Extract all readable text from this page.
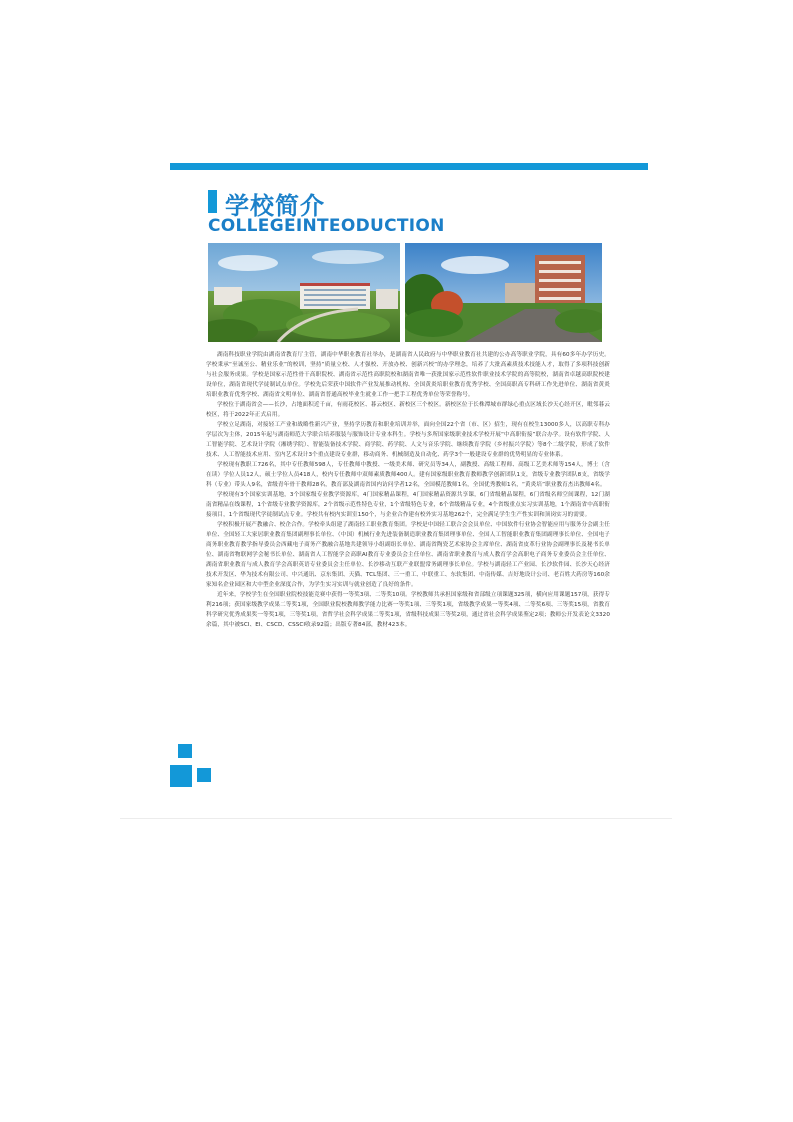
学校简介
COLLEGEINTEODUCTION

湖南科技职业学院由湖南省教育厅主管，湖南中华职业教育社举办，是湖南省人民政府与中华职业教育社共建的公办高等职业学院，具有60多年办学历史。学校秉承“至诚至公、精业乐业”的校训，坚持“质量立校、人才强校、开放办校、创新兴校”的办学理念，培养了大批高素质技术技能人才，取得了多项科技创新与社会服务成果。学校是国家示范性骨干高职院校、湖南省示范性高职院校和湖南省唯一获批国家示范性软件职业技术学院的高等院校，湖南省卓越高职院校建设单位，湖南省现代学徒制试点单位。学校先后荣获中国软件产业发展推动机构、全国黄炎培职业教育优秀学校、全国高职高专科研工作先进单位、湖南省黄炎培职业教育优秀学校、湖南省文明单位、湖南省普通高校毕业生就业工作一把手工程优秀单位等荣誉称号。

学校位于湖南省会——长沙，占地面积近千亩，有雨花校区、暮云校区、新校区三个校区。新校区位于长株潭城市群绿心重点区域长沙天心经开区，毗邻暮云校区，将于2022年正式启用。

学校立足湖南，对接轻工产业和战略性新兴产业，坚持学历教育和职业培训并举，面向全国22个省（市、区）招生，现有在校生13000多人，以高职专科办学层次为主体，2015年起与湖南师范大学联合培养服装与服饰设计专业本科生。学校与多所国家级职业技术学校开展“中高职衔接”联合办学。设有软件学院、人工智能学院、艺术设计学院（湘绣学院）、智能装备技术学院、商学院、药学院、人文与音乐学院、继续教育学院（乡村振兴学院）等8个二级学院，形成了软件技术、人工智能技术应用、室内艺术设计3个重点建设专业群，移动商务、机械制造及自动化、药学3个一般建设专业群的优势明显的专业体系。

学校现有教职工726名，其中专任教师598人，专任教师中教授、一级美术师、研究员等34人，副教授、高级工程师、高级工艺美术师等154人，博士（含在读）学位人员12人，硕士学位人员418人，校内专任教师中双师素质教师400人。建有国家级职业教育教师教学创新团队1支，省级专业教学团队8支，省级学科（专业）带头人9名，省级青年骨干教师28名，教育部及湖南省国内访问学者12名，全国模范教师1名，全国优秀教师1名，“黄炎培”职业教育杰出教师4名。

学校现有3个国家实训基地，3个国家级专业教学资源库，4门国家精品课程，4门国家精品资源共享课，6门省级精品课程，6门省级名师空间课程，12门湖南省精品在线课程，1个省级专业教学资源库，2个省级示范性特色专业，1个省级特色专业，6个省级精品专业，4个省级重点实习实训基地，1个湖南省中高职衔接项目，1个省级现代学徒制试点专业。学校共有校内实训室150个，与企业合作建有校外实习基地262个，完全满足学生生产性实训和顶岗实习的需要。

学校积极开展产教融合、校企合作。学校牵头组建了湖南轻工职业教育集团。学校是中国轻工联合会会员单位、中国软件行业协会智能应用与服务分会副主任单位、全国轻工大家居职业教育集团副理事长单位、（中国）机械行业先进装备制造职业教育集团理事单位、全国人工智能职业教育集团副理事长单位、全国电子商务职业教育教学指导委员会西藏电子商务产教融合基地共建领导小组副组长单位、湖南省陶瓷艺术家协会主席单位、湖南省皮革行业协会副理事长及秘书长单位、湖南省物联网学会秘书长单位、湖南省人工智能学会高职AI教育专业委员会主任单位、湖南省职业教育与成人教育学会高职电子商务专业委员会主任单位、湖南省职业教育与成人教育学会高职英语专业委员会主任单位、长沙移动互联产业联盟常务副理事长单位。学校与湖南轻工产业园、长沙软件园、长沙天心经济技术开发区、华为技术有限公司、中兴通讯、京东集团、天猫、TCL集团、三一重工、中联重工、东软集团、中南传媒、吉好地设计公司、老百姓大药房等160余家知名企业园区和大中型企业深度合作，为学生实习实训与就业创造了良好的条件。

近年来，学校学生在全国职业院校技能竞赛中获得一等奖3项、二等奖10项。学校教师共承担国家级和省部级立项课题325项，横向应用课题157项，获得专利216项；获国家级教学成果二等奖1项，全国职业院校教师教学能力比赛一等奖1项、三等奖1项，省级教学成果一等奖4项、二等奖6项、三等奖15项，省教育科学研究优秀成果奖一等奖1项，三等奖1项，省哲学社会科学成果二等奖1项，省级科技成果三等奖2项，通过省社会科学成果鉴定2项；教师公开发表论文3320余篇，其中被SCI、EI、CSCD、CSSCI收录92篇；出版专著84部，教材423本。
